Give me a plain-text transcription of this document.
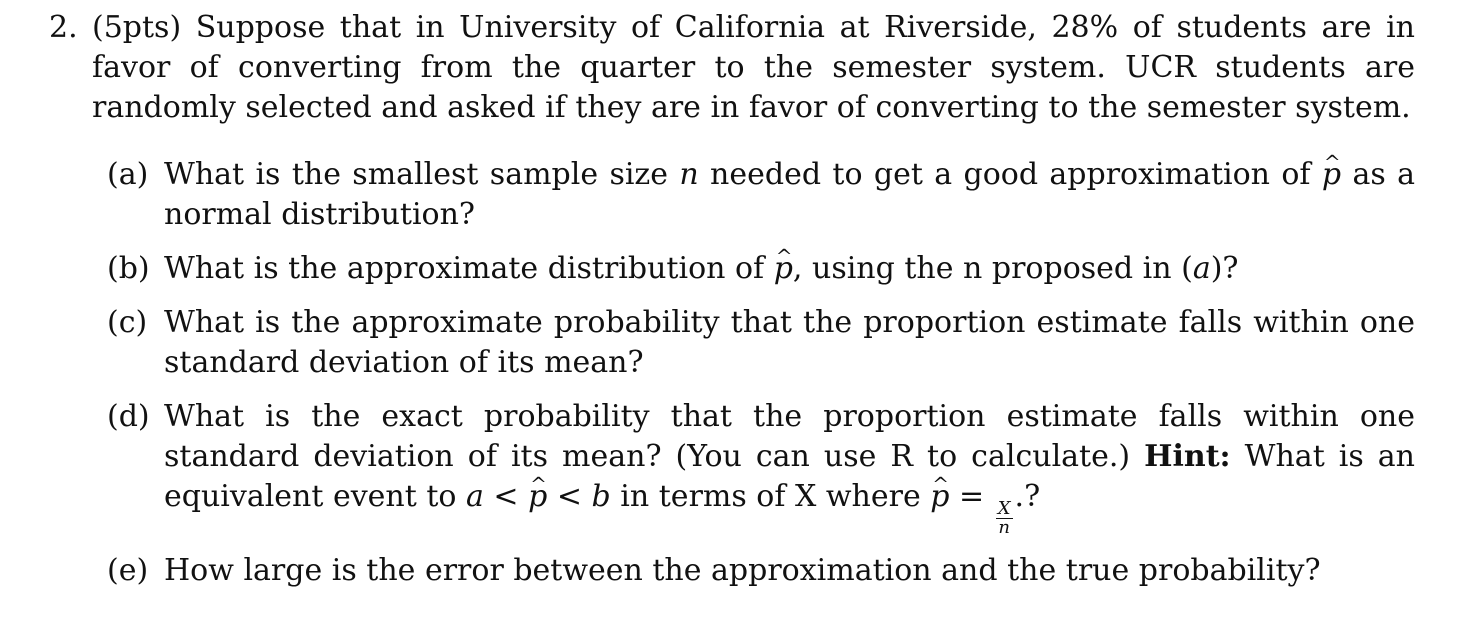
2. (5pts) Suppose that in University of California at Riverside, 28% of students are in favor of converting from the quarter to the semester system. UCR students are randomly selected and asked if they are in favor of converting to the semester system.
(a) What is the smallest sample size n needed to get a good approximation of ^ p as a normal distribution?
(b) What is the approximate distribution of ^ p, using the n proposed in (a)?
(c) What is the approximate probability that the proportion estimate falls within one standard deviation of its mean?
(d) What is the exact probability that the proportion estimate falls within one standard deviation of its mean? (You can use R to calculate.) Hint: What is an equivalent event to a < ^ p < b in terms of X where ^ p =
$\frac{X}{n}$
.?
(e) How large is the error between the approximation and the true probability?
